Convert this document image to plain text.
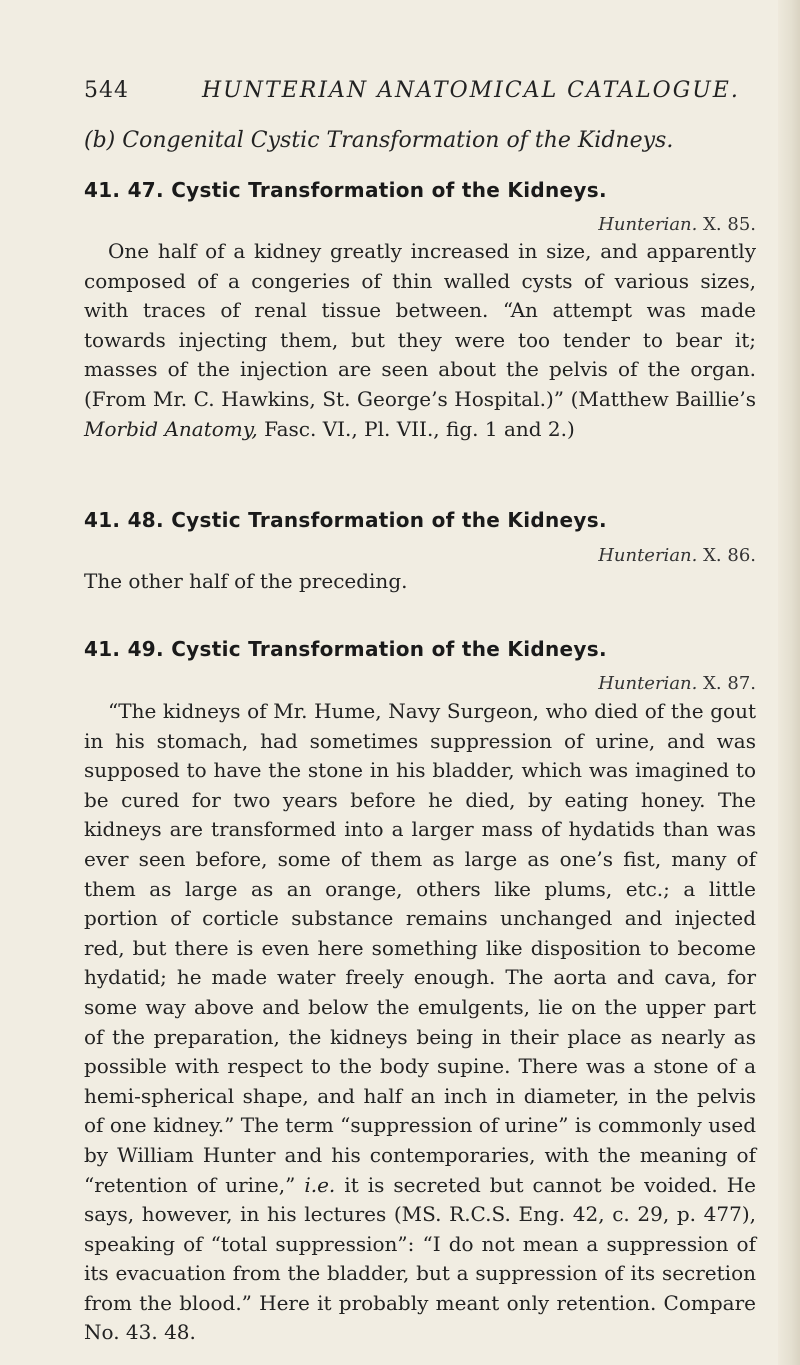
544	HUNTERIAN ANATOMICAL CATALOGUE.
(b) Congenital Cystic Transformation of the Kidneys.
41. 47. Cystic Transformation of the Kidneys.
Hunterian. X. 85.
One half of a kidney greatly increased in size, and apparently composed of a congeries of thin walled cysts of various sizes, with traces of renal tissue between. “An attempt was made towards injecting them, but they were too tender to bear it; masses of the injection are seen about the pelvis of the organ. (From Mr. C. Hawkins, St. George’s Hospital.)” (Matthew Baillie’s Morbid Anatomy, Fasc. VI., Pl. VII., fig. 1 and 2.)
41. 48. Cystic Transformation of the Kidneys.
Hunterian. X. 86.
The other half of the preceding.
41. 49. Cystic Transformation of the Kidneys.
Hunterian. X. 87.
“The kidneys of Mr. Hume, Navy Surgeon, who died of the gout in his stomach, had sometimes suppression of urine, and was supposed to have the stone in his bladder, which was imagined to be cured for two years before he died, by eating honey. The kidneys are transformed into a larger mass of hydatids than was ever seen before, some of them as large as one’s fist, many of them as large as an orange, others like plums, etc.; a little portion of corticle substance remains unchanged and injected red, but there is even here something like disposition to become hydatid; he made water freely enough. The aorta and cava, for some way above and below the emulgents, lie on the upper part of the preparation, the kidneys being in their place as nearly as possible with respect to the body supine. There was a stone of a hemi-spherical shape, and half an inch in diameter, in the pelvis of one kidney.” The term “suppression of urine” is commonly used by William Hunter and his contemporaries, with the meaning of “retention of urine,” i.e. it is secreted but cannot be voided. He says, however, in his lectures (MS. R.C.S. Eng. 42, c. 29, p. 477), speaking of “total suppression”: “I do not mean a suppression of its evacuation from the bladder, but a suppression of its secretion from the blood.” Here it probably meant only retention. Compare No. 43. 48.
